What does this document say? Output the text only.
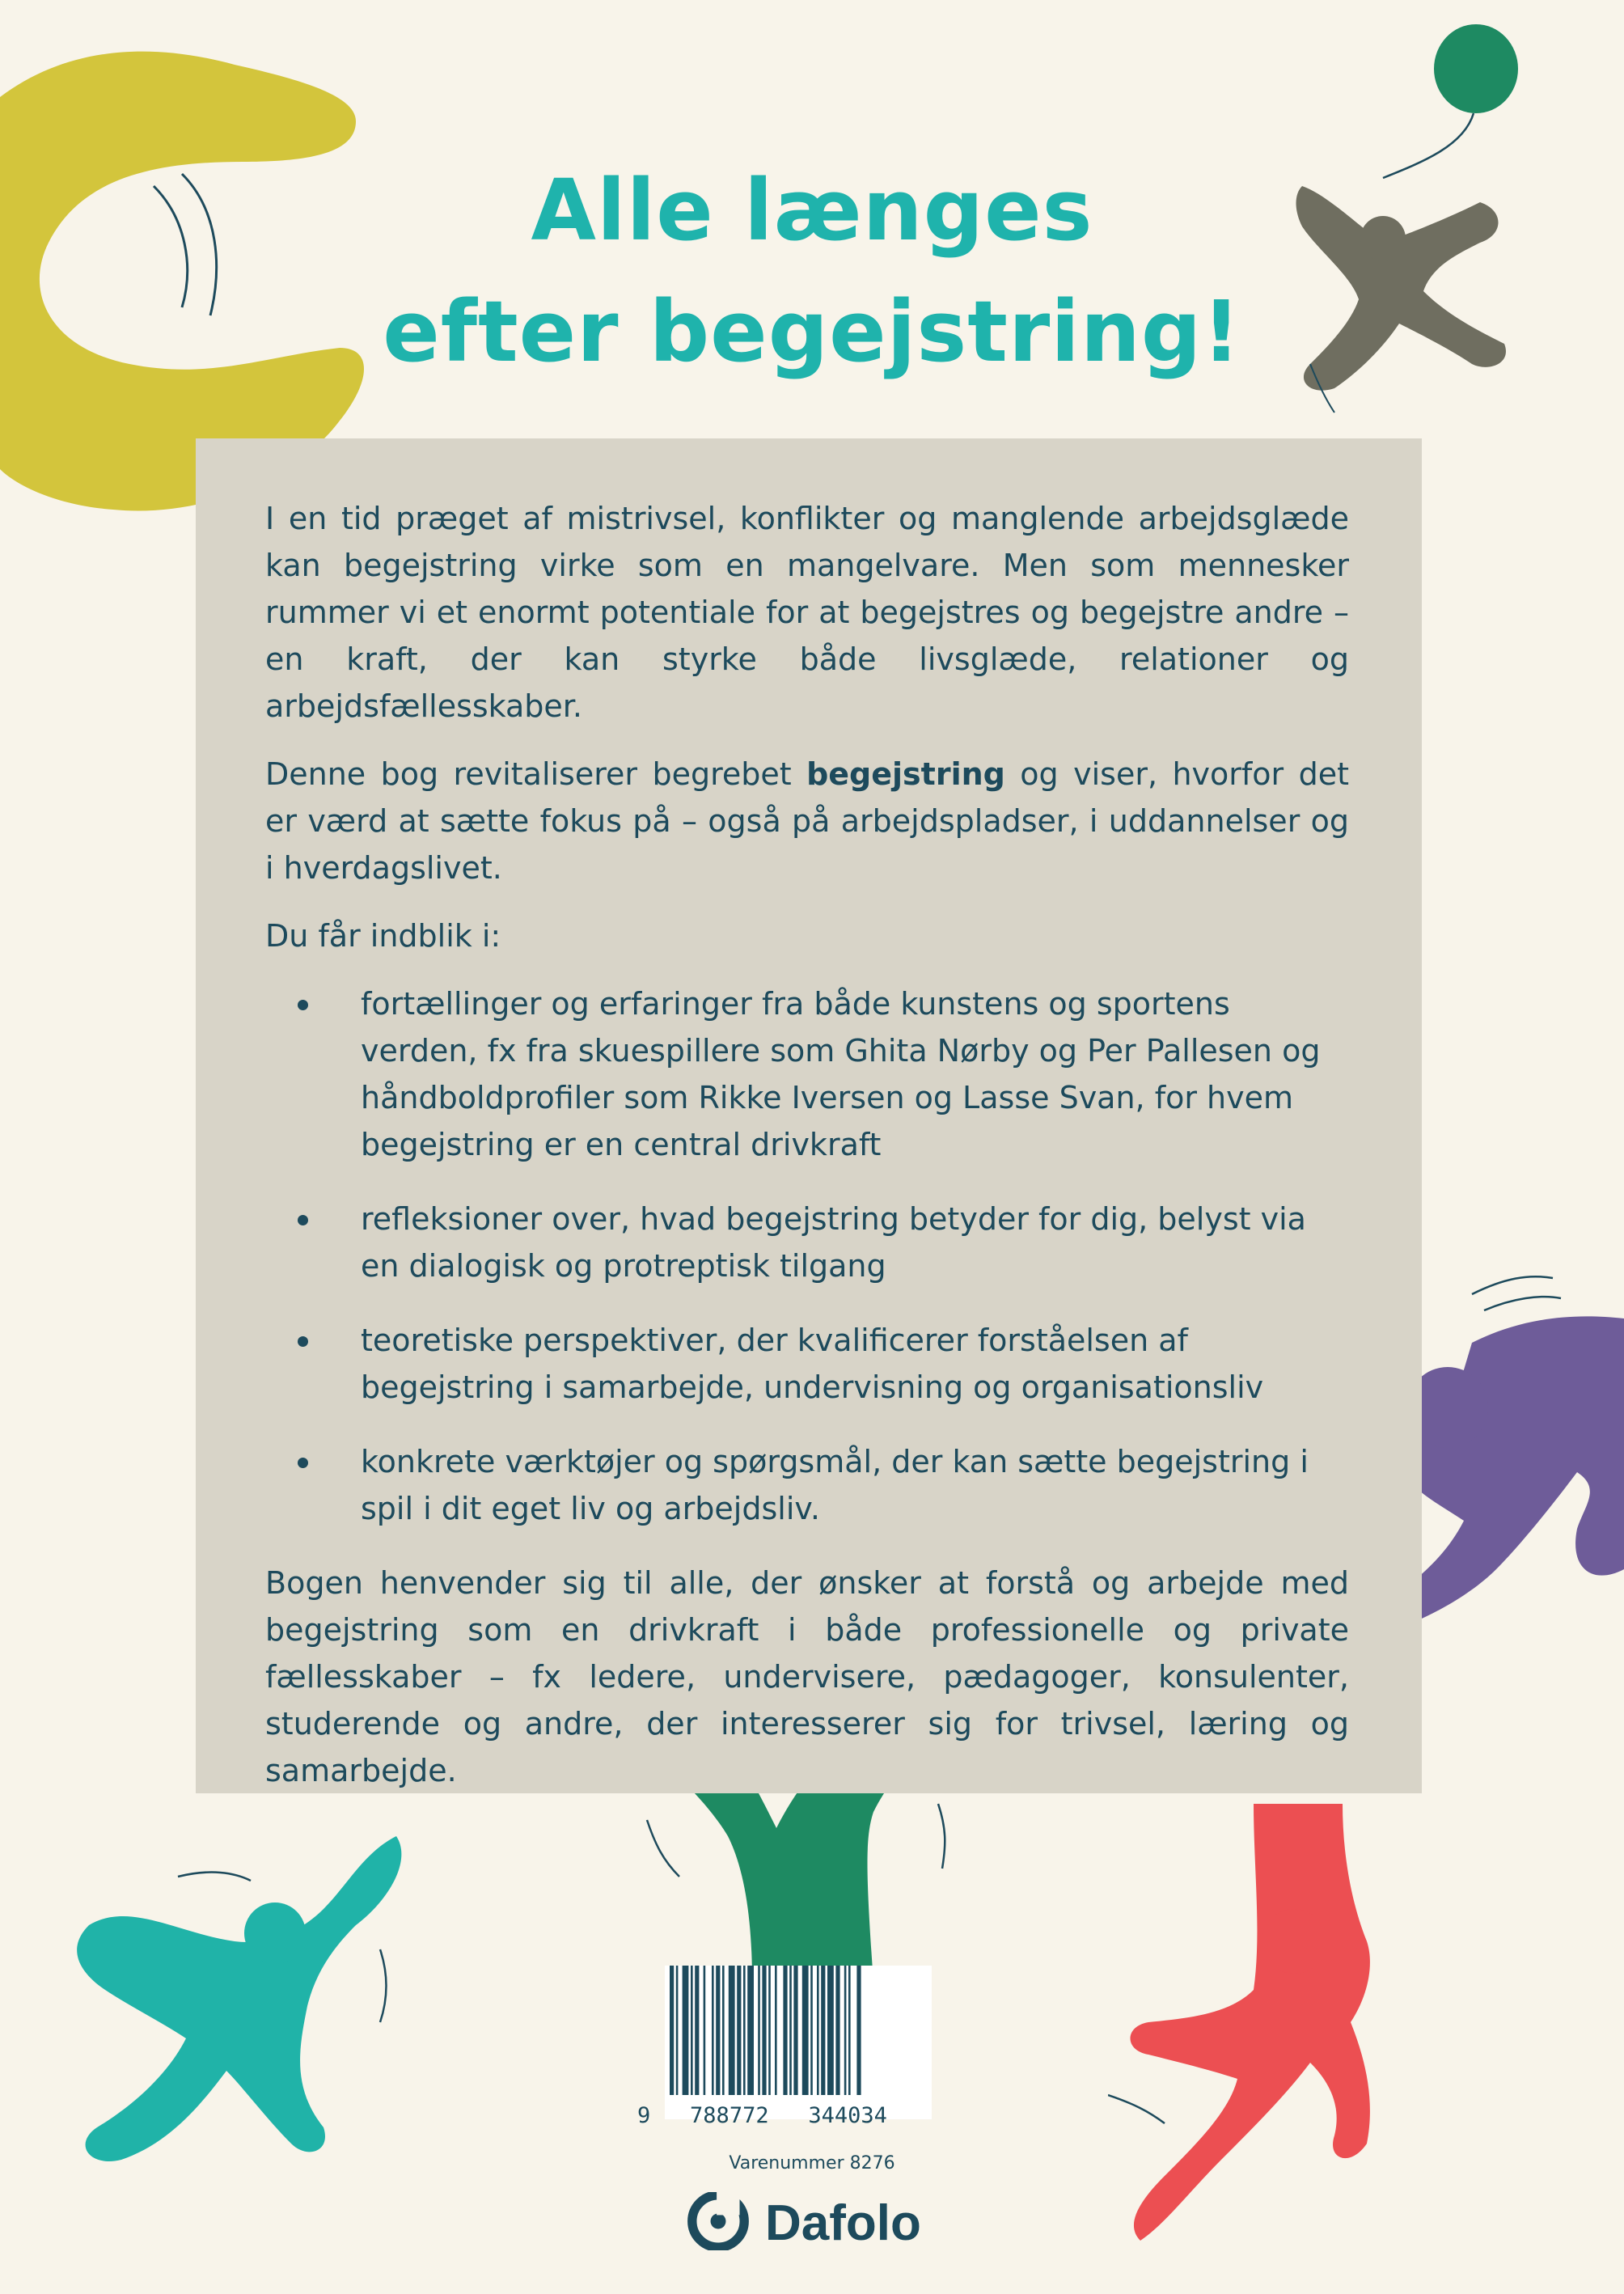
Alle længes
efter begejstring!

I en tid præget af mistrivsel, konflikter og manglende arbejdsglæde kan begejstring virke som en mangelvare. Men som mennesker rummer vi et enormt potentiale for at begejstres og begejstre andre – en kraft, der kan styrke både livsglæde, relationer og arbejdsfællesskaber.

Denne bog revitaliserer begrebet begejstring og viser, hvorfor det er værd at sætte fokus på – også på arbejdspladser, i uddannelser og i hverdagslivet.

Du får indblik i:

fortællinger og erfaringer fra både kunstens og sportens verden, fx fra skuespillere som Ghita Nørby og Per Pallesen og håndboldprofiler som Rikke Iversen og Lasse Svan, for hvem begejstring er en central drivkraft
refleksioner over, hvad begejstring betyder for dig, belyst via en dialogisk og protreptisk tilgang
teoretiske perspektiver, der kvalificerer forståelsen af begejstring i samarbejde, undervisning og organisationsliv
konkrete værktøjer og spørgsmål, der kan sætte begejstring i spil i dit eget liv og arbejdsliv.

Bogen henvender sig til alle, der ønsker at forstå og arbejde med begejstring som en drivkraft i både professionelle og private fællesskaber – fx ledere, undervisere, pædagoger, konsulenter, studerende og andre, der interesserer sig for trivsel, læring og samarbejde.

9 788772 344034
Varenummer 8276
Dafolo
